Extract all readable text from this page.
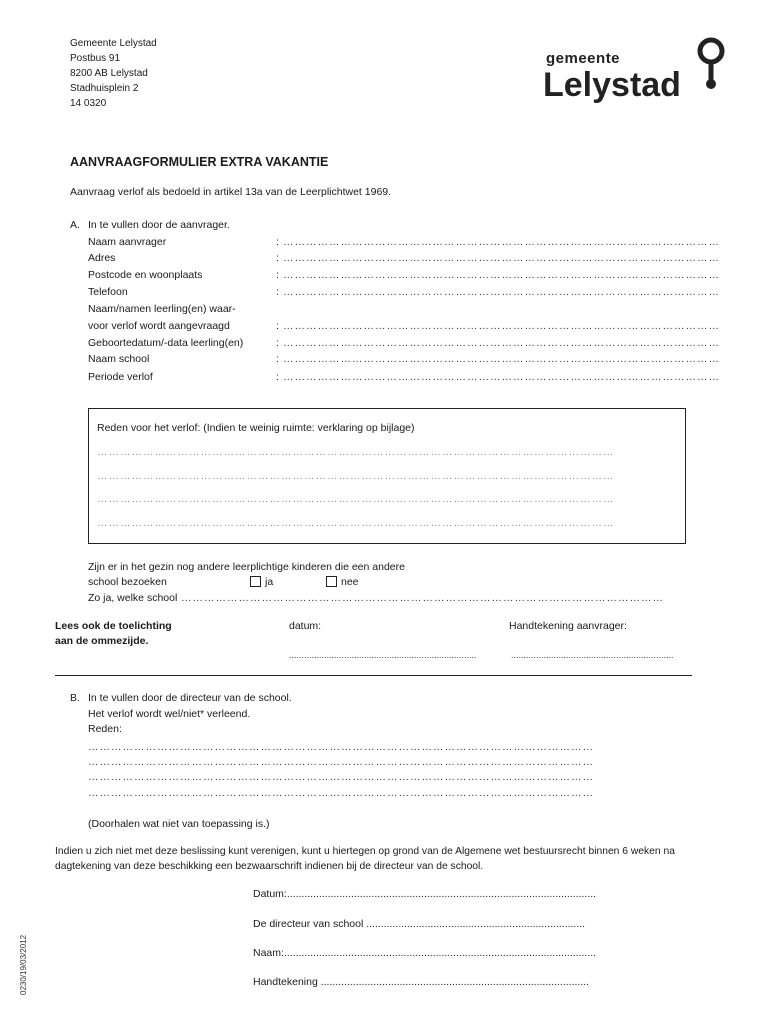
Gemeente Lelystad
Postbus 91
8200 AB Lelystad
Stadhuisplein 2
14 0320
gemeente
Lelystad
AANVRAAGFORMULIER EXTRA VAKANTIE
Aanvraag verlof als bedoeld in artikel 13a van de Leerplichtwet 1969.
A. In te vullen door de aanvrager.
Naam aanvrager	: ……………………………………………………………………………………………………
Adres	: ……………………………………………………………………………………………………
Postcode en woonplaats	: ……………………………………………………………………………………………………
Telefoon	: ……………………………………………………………………………………………………
Naam/namen leerling(en) waar-
voor verlof wordt aangevraagd	: ……………………………………………………………………………………………………
Geboortedatum/-data leerling(en)	: ……………………………………………………………………………………………………
Naam school	: ……………………………………………………………………………………………………
Periode verlof	: ……………………………………………………………………………………………………
Reden voor het verlof: (Indien te weinig ruimte: verklaring op bijlage)
………………………………………………………………………………………………………………………
………………………………………………………………………………………………………………………
………………………………………………………………………………………………………………………
………………………………………………………………………………………………………………………
Zijn er in het gezin nog andere leerplichtige kinderen die een andere
school bezoeken	ja	nee
Zo ja, welke school ………………………………………………………………………………………………………………
Lees ook de toelichting
aan de ommezijde.
datum:	Handtekening aanvrager:
...........................................................................	.................................................................
B. In te vullen door de directeur van de school.
Het verlof wordt wel/niet* verleend.
Reden:
……………………………………………………………………………………………………………………
……………………………………………………………………………………………………………………
……………………………………………………………………………………………………………………
……………………………………………………………………………………………………………………
(Doorhalen wat niet van toepassing is.)
Indien u zich niet met deze beslissing kunt verenigen, kunt u hiertegen op grond van de Algemene wet bestuursrecht binnen 6 weken na
dagtekening van deze beschikking een bezwaarschrift indienen bij de directeur van de school.
Datum:..........................................................................................................
De directeur van school ...........................................................................
Naam:...........................................................................................................
Handtekening ............................................................................................
0230/19/03/2012
